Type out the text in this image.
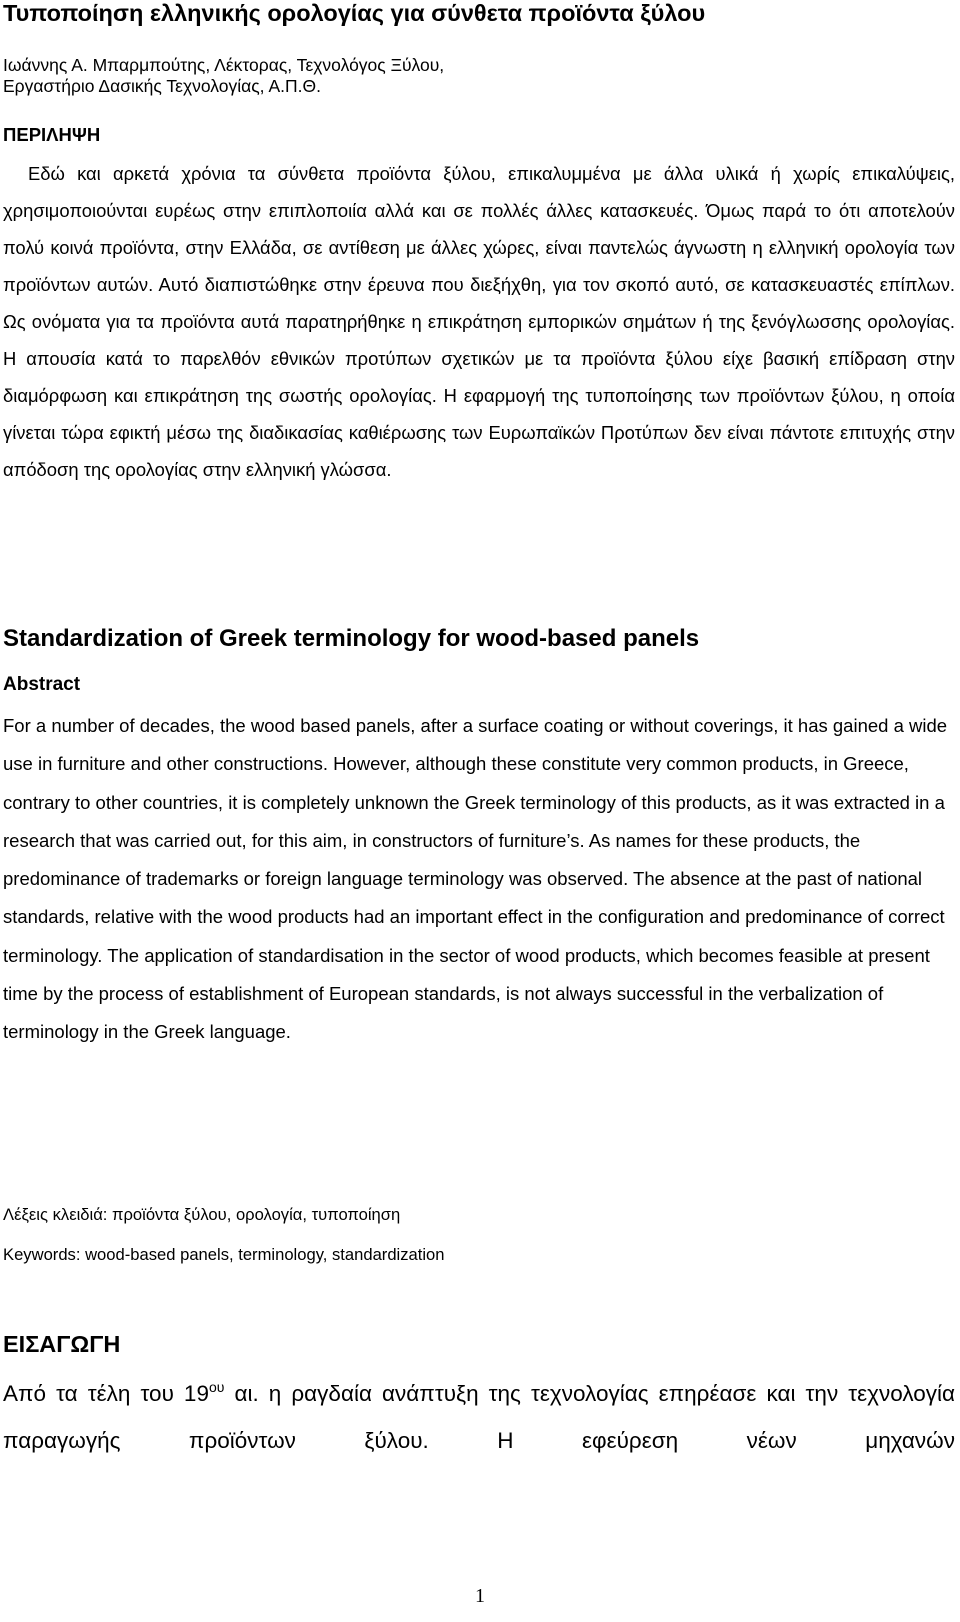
Τυποποίηση ελληνικής ορολογίας για σύνθετα προϊόντα ξύλου
Ιωάννης Α. Μπαρμπούτης, Λέκτορας, Τεχνολόγος Ξύλου,
Εργαστήριο Δασικής Τεχνολογίας, Α.Π.Θ.
ΠΕΡΙΛΗΨΗ

Εδώ και αρκετά χρόνια τα σύνθετα προϊόντα ξύλου, επικαλυμμένα με άλλα υλικά ή χωρίς επικαλύψεις, χρησιμοποιούνται ευρέως στην επιπλοποιία αλλά και σε πολλές άλλες κατασκευές. Όμως παρά το ότι αποτελούν πολύ κοινά προϊόντα, στην Ελλάδα, σε αντίθεση με άλλες χώρες, είναι παντελώς άγνωστη η ελληνική ορολογία των προϊόντων αυτών. Αυτό διαπιστώθηκε στην έρευνα που διεξήχθη, για τον σκοπό αυτό, σε κατασκευαστές επίπλων. Ως ονόματα για τα προϊόντα αυτά παρατηρήθηκε η επικράτηση εμπορικών σημάτων ή της ξενόγλωσσης ορολογίας. Η απουσία κατά το παρελθόν εθνικών προτύπων σχετικών με τα προϊόντα ξύλου είχε βασική επίδραση στην διαμόρφωση και επικράτηση της σωστής ορολογίας. Η εφαρμογή της τυποποίησης των προϊόντων ξύλου, η οποία γίνεται τώρα εφικτή μέσω της διαδικασίας καθιέρωσης των Ευρωπαϊκών Προτύπων δεν είναι πάντοτε επιτυχής στην απόδοση της ορολογίας στην ελληνική γλώσσα.

Standardization of Greek terminology for wood-based panels
Abstract

For a number of decades, the wood based panels, after a surface coating or without coverings, it has gained a wide use in furniture and other constructions. However, although these constitute very common products, in Greece, contrary to other countries, it is completely unknown the Greek terminology of this products, as it was extracted in a research that was carried out, for this aim, in constructors of furniture’s. As names for these products, the predominance of trademarks or foreign language terminology was observed. The absence at the past of national standards, relative with the wood products had an important effect in the configuration and predominance of correct terminology. The application of standardisation in the sector of wood products, which becomes feasible at present time by the process of establishment of European standards, is not always successful in the verbalization of terminology in the Greek language.

Λέξεις κλειδιά: προϊόντα ξύλου, ορολογία, τυποποίηση

Keywords: wood-based panels, terminology, standardization

ΕΙΣΑΓΩΓΗ

Από τα τέλη του $19^{o\upsilon}$ αι. η ραγδαία ανάπτυξη της τεχνολογίας επηρέασε και την τεχνολογία παραγωγής προϊόντων ξύλου. Η εφεύρεση νέων μηχανών

1
